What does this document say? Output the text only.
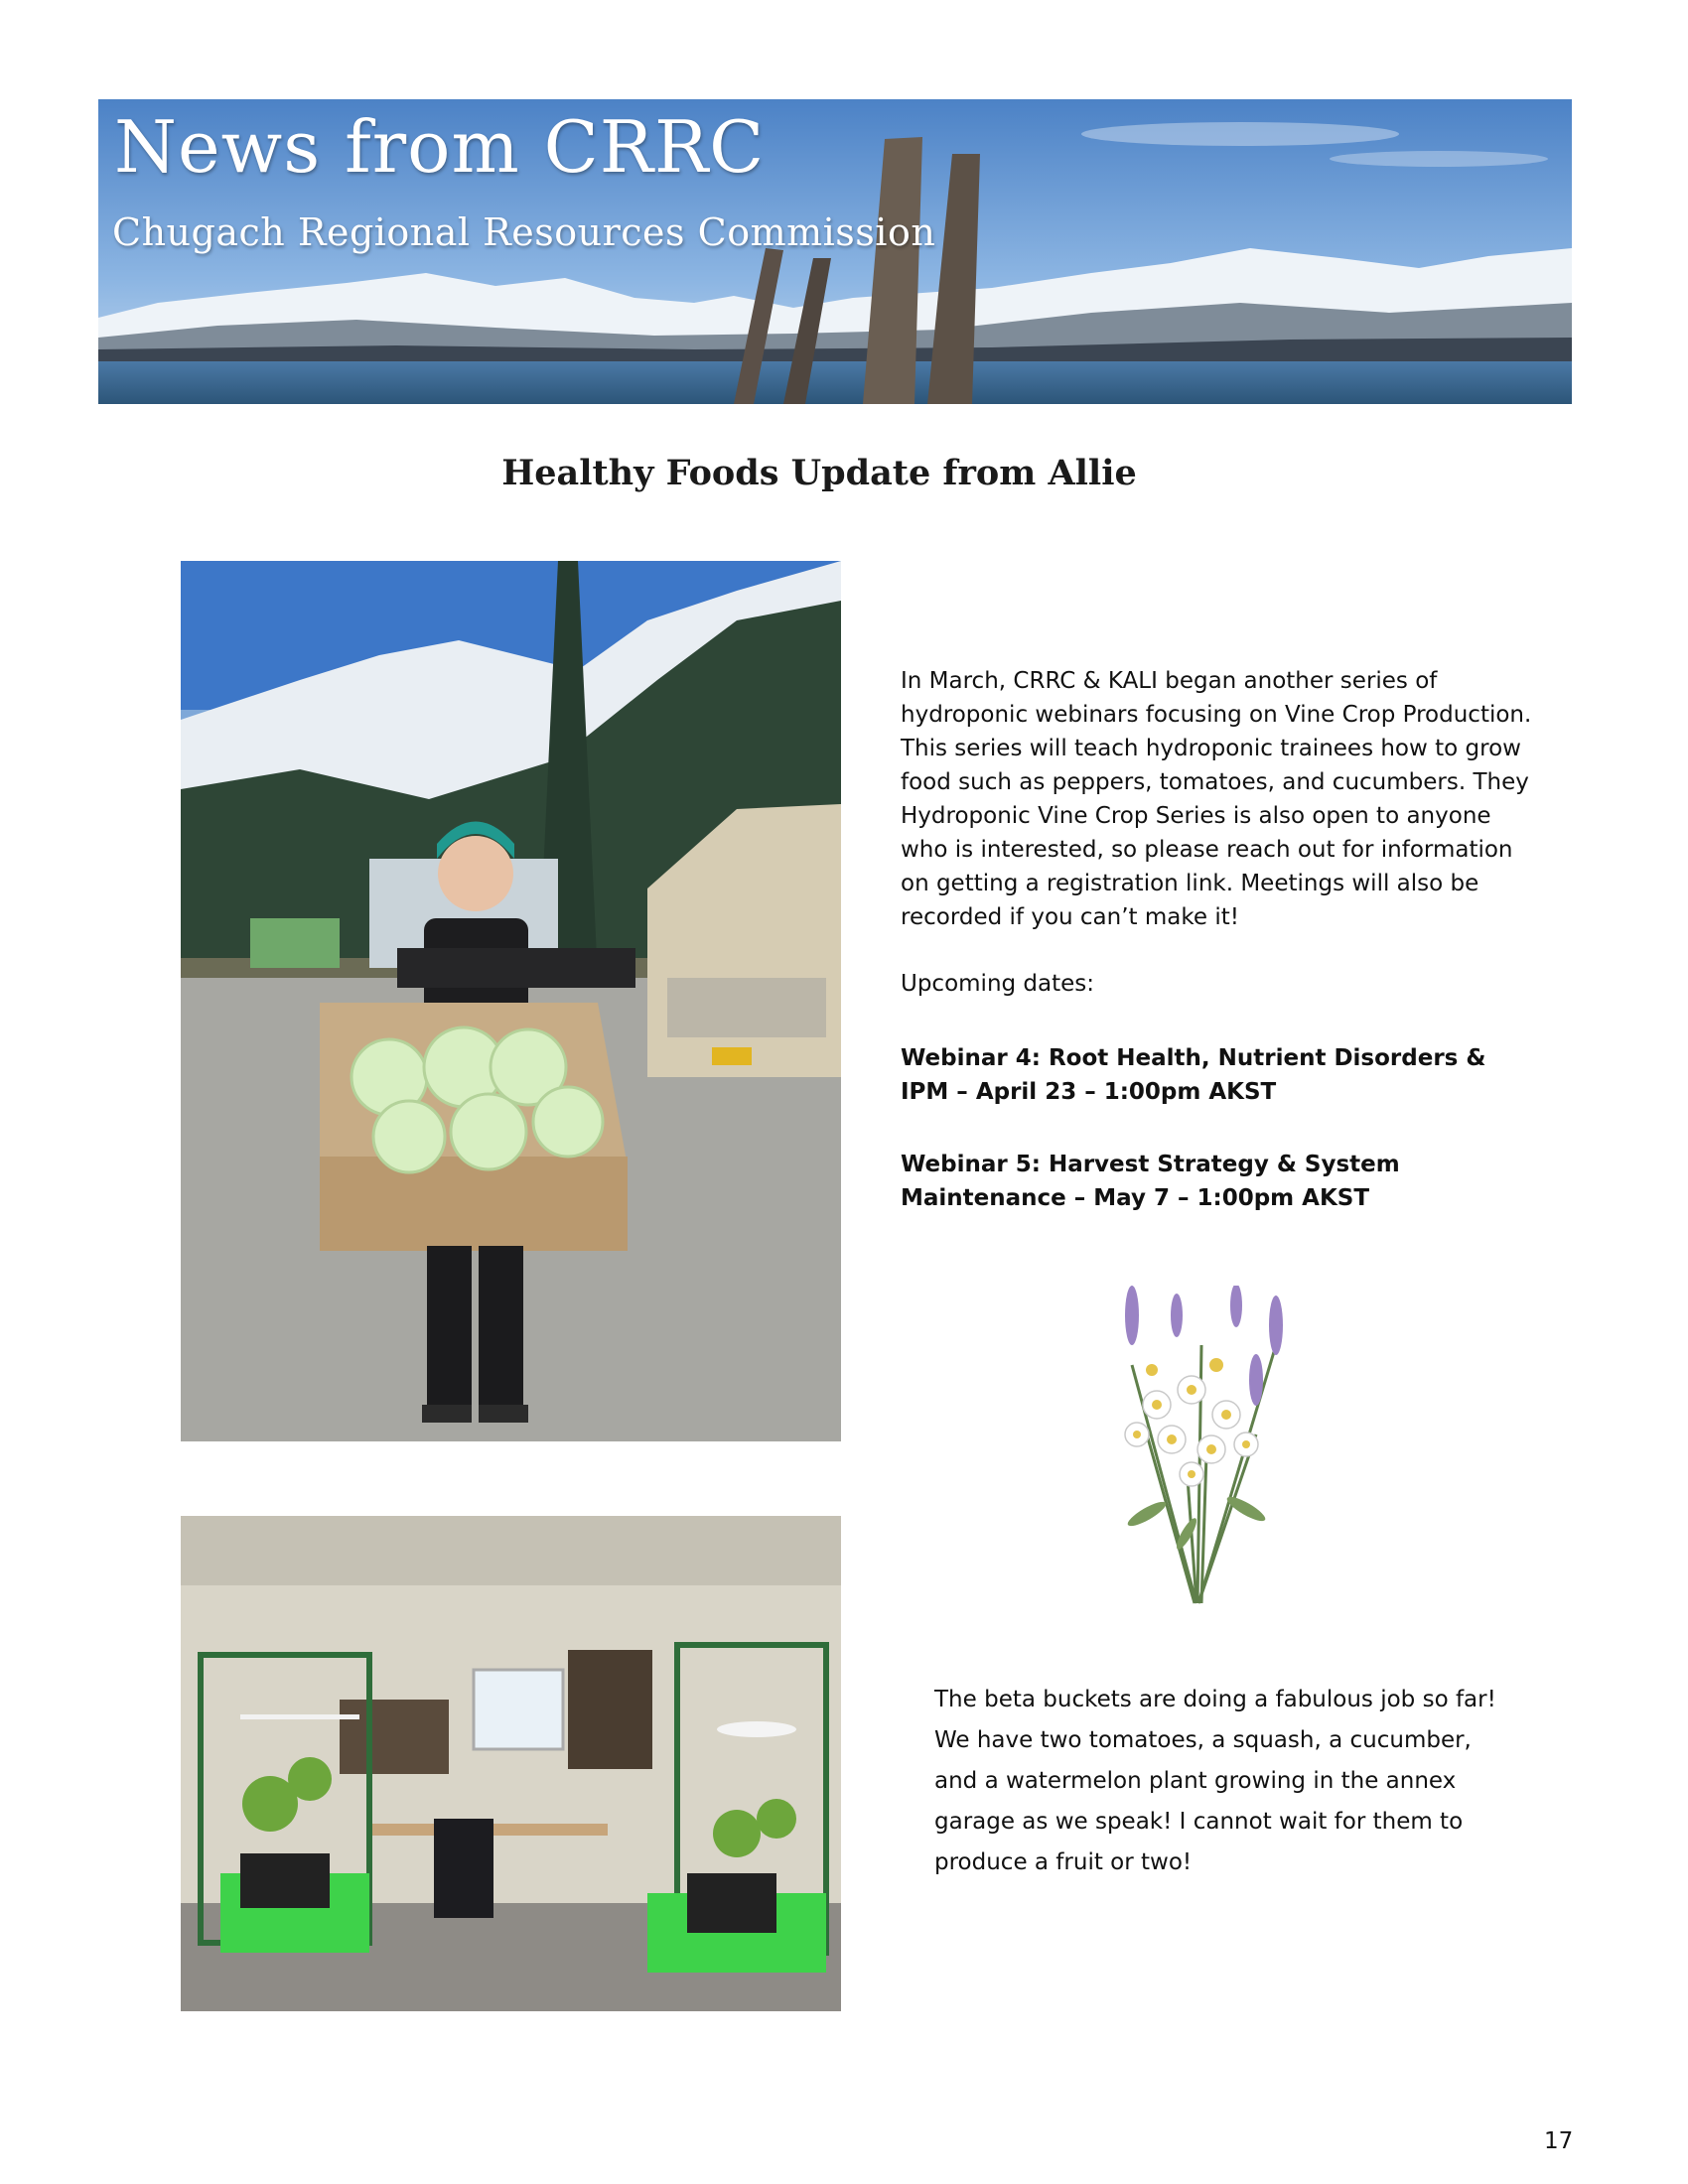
News from CRRC
Chugach Regional Resources Commission
Healthy Foods Update from Allie

In March, CRRC & KALI began another series of hydroponic webinars focusing on Vine Crop Production. This series will teach hydroponic trainees how to grow food such as peppers, tomatoes, and cucumbers. They Hydroponic Vine Crop Series is also open to anyone who is interested, so please reach out for information on getting a registration link. Meetings will also be recorded if you can’t make it!

Upcoming dates:

Webinar 4: Root Health, Nutrient Disorders & IPM – April 23 – 1:00pm AKST

Webinar 5: Harvest Strategy & System Maintenance – May 7 – 1:00pm AKST

The beta buckets are doing a fabulous job so far! We have two tomatoes, a squash, a cucumber, and a watermelon plant growing in the annex garage as we speak! I cannot wait for them to produce a fruit or two!

17
